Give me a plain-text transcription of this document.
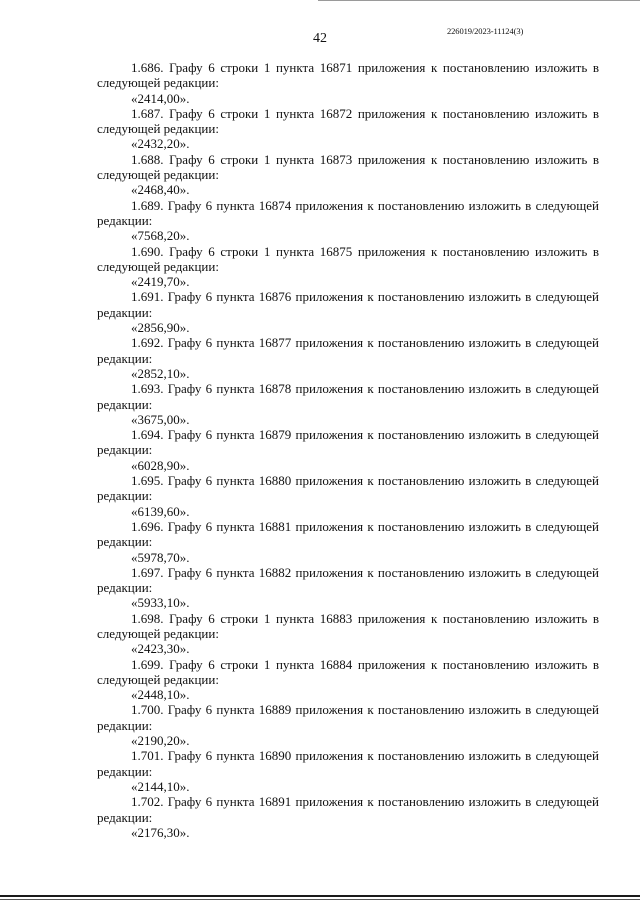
42	226019/2023-11124(3)
1.686. Графу 6 строки 1 пункта 16871 приложения к постановлению изложить в следующей редакции:
«2414,00».
1.687. Графу 6 строки 1 пункта 16872 приложения к постановлению изложить в следующей редакции:
«2432,20».
1.688. Графу 6 строки 1 пункта 16873 приложения к постановлению изложить в следующей редакции:
«2468,40».
1.689. Графу 6 пункта 16874 приложения к постановлению изложить в следующей редакции:
«7568,20».
1.690. Графу 6 строки 1 пункта 16875 приложения к постановлению изложить в следующей редакции:
«2419,70».
1.691. Графу 6 пункта 16876 приложения к постановлению изложить в следующей редакции:
«2856,90».
1.692. Графу 6 пункта 16877 приложения к постановлению изложить в следующей редакции:
«2852,10».
1.693. Графу 6 пункта 16878 приложения к постановлению изложить в следующей редакции:
«3675,00».
1.694. Графу 6 пункта 16879 приложения к постановлению изложить в следующей редакции:
«6028,90».
1.695. Графу 6 пункта 16880 приложения к постановлению изложить в следующей редакции:
«6139,60».
1.696. Графу 6 пункта 16881 приложения к постановлению изложить в следующей редакции:
«5978,70».
1.697. Графу 6 пункта 16882 приложения к постановлению изложить в следующей редакции:
«5933,10».
1.698. Графу 6 строки 1 пункта 16883 приложения к постановлению изложить в следующей редакции:
«2423,30».
1.699. Графу 6 строки 1 пункта 16884 приложения к постановлению изложить в следующей редакции:
«2448,10».
1.700. Графу 6 пункта 16889 приложения к постановлению изложить в следующей редакции:
«2190,20».
1.701. Графу 6 пункта 16890 приложения к постановлению изложить в следующей редакции:
«2144,10».
1.702. Графу 6 пункта 16891 приложения к постановлению изложить в следующей редакции:
«2176,30».
